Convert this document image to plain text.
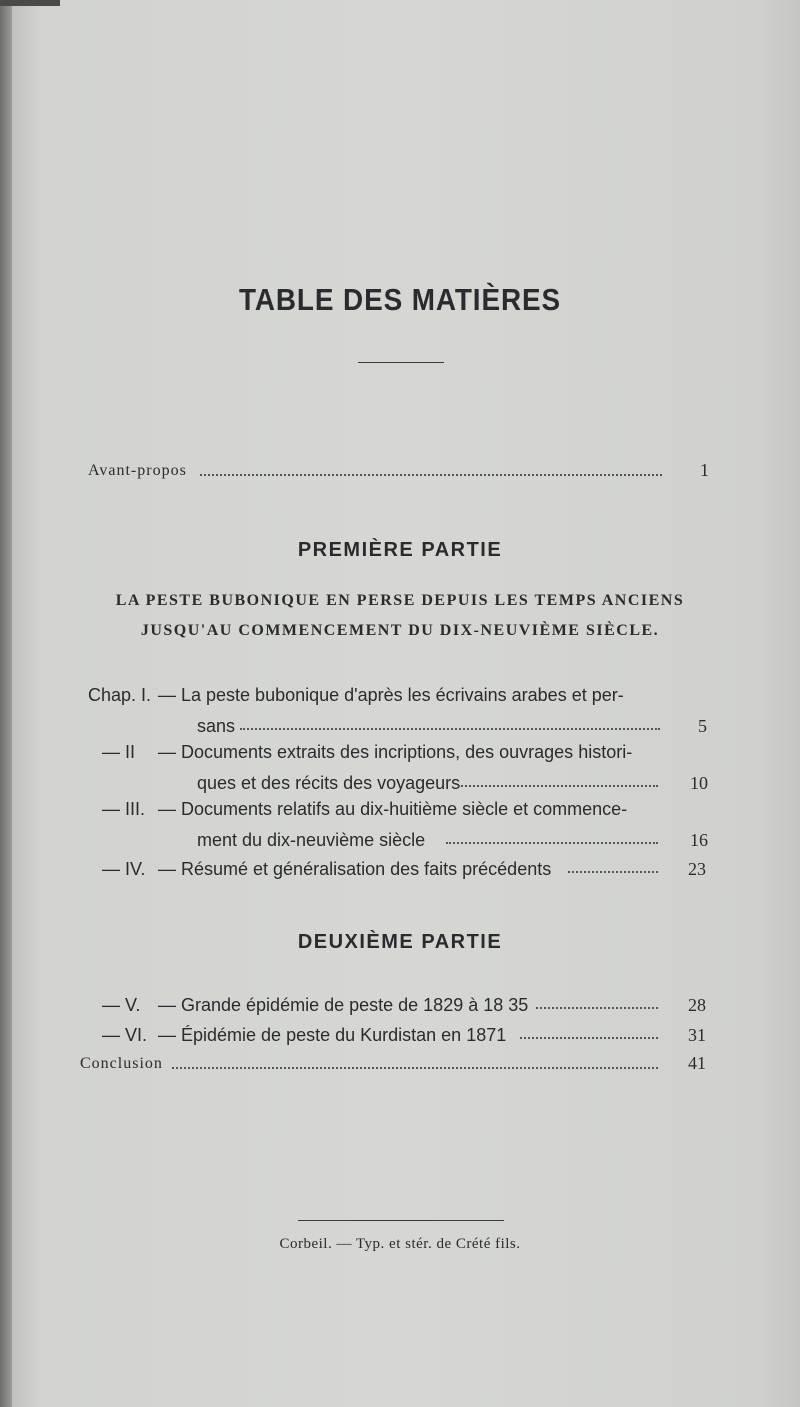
TABLE DES MATIÈRES
Avant-propos	1
PREMIÈRE PARTIE
LA PESTE BUBONIQUE EN PERSE DEPUIS LES TEMPS ANCIENS
JUSQU'AU COMMENCEMENT DU DIX-NEUVIÈME SIÈCLE.
Chap. I. — La peste bubonique d'après les écrivains arabes et per-
sans	5
— II — Documents extraits des incriptions, des ouvrages histori-
ques et des récits des voyageurs	10
— III. — Documents relatifs au dix-huitième siècle et commence-
ment du dix-neuvième siècle	16
— IV. — Résumé et généralisation des faits précédents	23
DEUXIÈME PARTIE
— V. — Grande épidémie de peste de 1829 à 18 35	28
— VI. — Épidémie de peste du Kurdistan en 1871	31
Conclusion	41
Corbeil. — Typ. et stér. de Crété fils.
